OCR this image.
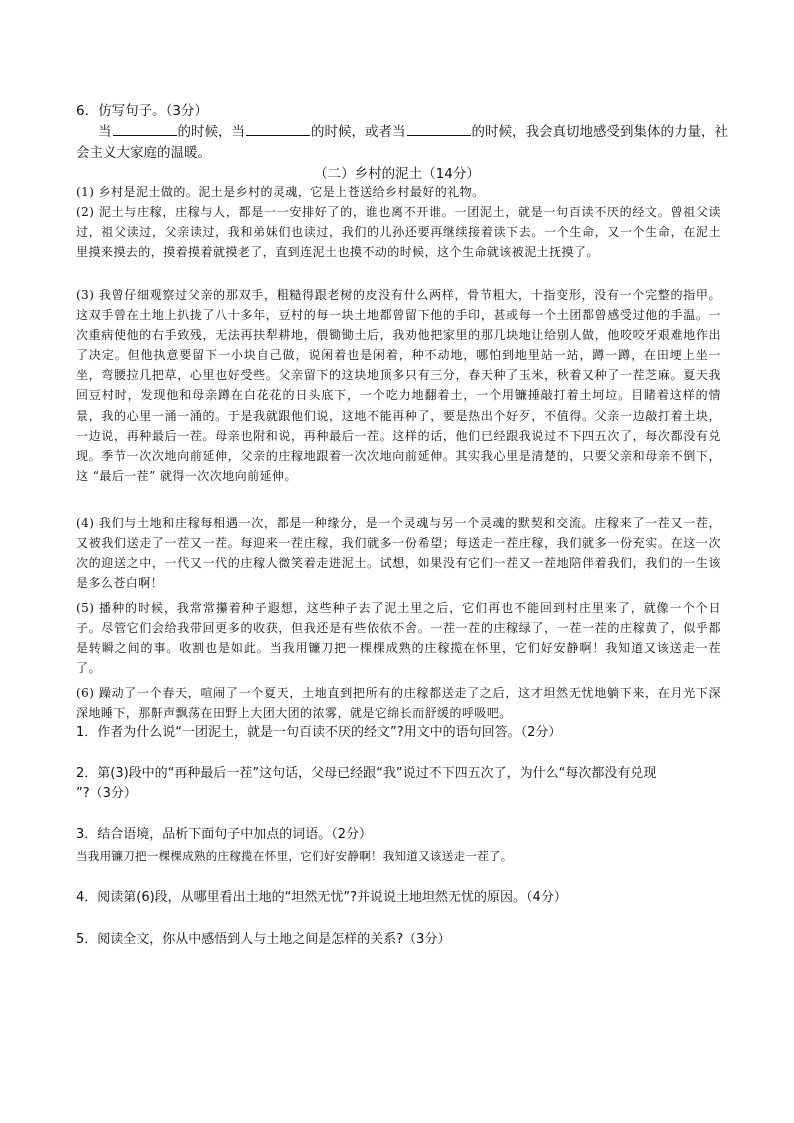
6．仿写句子。（3分）
当	的时候，当	的时候，或者当	的时候，我会真切地感受到集体的力量，社
会主义大家庭的温暖。
（二）乡村的泥土（14分）
(1) 乡村是泥土做的。泥土是乡村的灵魂，它是上苍送给乡村最好的礼物。
(2) 泥土与庄稼，庄稼与人，都是一一安排好了的，谁也离不开谁。一团泥土，就是一句百读不厌的经文。曾祖父读过，祖父读过，父亲读过，我和弟妹们也读过，我们的儿孙还要再继续接着读下去。一个生命，又一个生命，在泥土里摸来摸去的，摸着摸着就摸老了，直到连泥土也摸不动的时候，这个生命就该被泥土抚摸了。
(3) 我曾仔细观察过父亲的那双手，粗糙得跟老树的皮没有什么两样，骨节粗大，十指变形，没有一个完整的指甲。这双手曾在土地上扒拢了八十多年，豆村的每一块土地都曾留下他的手印，甚或每一个土团都曾感受过他的手温。一次重病使他的右手致残，无法再扶犁耕地，偎锄锄土后，我劝他把家里的那几块地让给别人做，他咬咬牙艰难地作出了决定。但他执意要留下一小块自己做，说闲着也是闲着，种不动地，哪怕到地里站一站，蹲一蹲，在田埂上坐一坐，弯腰拉几把草，心里也好受些。父亲留下的这块地顶多只有三分，春天种了玉米，秋着又种了一茬芝麻。夏天我回豆村时，发现他和母亲蹲在白花花的日头底下，一个吃力地翻着土，一个用镰捶敲打着土坷垃。目睹着这样的情景，我的心里一涌一涌的。于是我就跟他们说，这地不能再种了，要是热出个好歹，不值得。父亲一边敲打着土块，一边说，再种最后一茬。母亲也附和说，再种最后一茬。这样的话，他们已经跟我说过不下四五次了，每次都没有兑现。季节一次次地向前延伸，父亲的庄稼地跟着一次次地向前延伸。其实我心里是清楚的，只要父亲和母亲不倒下，这 “最后一茬” 就得一次次地向前延伸。
(4) 我们与土地和庄稼每相遇一次，都是一种缘分，是一个灵魂与另一个灵魂的默契和交流。庄稼来了一茬又一茬，又被我们送走了一茬又一茬。每迎来一茬庄稼，我们就多一份希望；每送走一茬庄稼，我们就多一份充实。在这一次次的迎送之中，一代又一代的庄稼人微笑着走进泥土。试想，如果没有它们一茬又一茬地陪伴着我们，我们的一生该是多么苍白啊！
(5) 播种的时候，我常常攥着种子遐想，这些种子去了泥土里之后，它们再也不能回到村庄里来了，就像一个个日子。尽管它们会给我带回更多的收获，但我还是有些依依不舍。一茬一茬的庄稼绿了，一茬一茬的庄稼黄了，似乎都是转瞬之间的事。收割也是如此。当我用镰刀把一棵棵成熟的庄稼揽在怀里，它们好安静啊！我知道又该送走一茬了。
(6) 躁动了一个春天，喧闹了一个夏天，土地直到把所有的庄稼都送走了之后，这才坦然无忧地躺下来，在月光下深深地睡下，那鼾声飘荡在田野上大团大团的浓雾，就是它绵长而舒缓的呼吸吧。
1．作者为什么说“一团泥土，就是一句百读不厌的经文”?用文中的语句回答。（2分）
2．第(3)段中的“再种最后一茬”这句话，父母已经跟“我”说过不下四五次了，为什么“每次都没有兑现
”?（3分）
3．结合语境，品析下面句子中加点的词语。（2分）
当我用镰刀把一棵棵成熟的庄稼揽在怀里，它们好安静啊！我知道又该送走一茬了。
4．阅读第(6)段，从哪里看出土地的“坦然无忧”?并说说土地坦然无忧的原因。（4分）
5．阅读全文，你从中感悟到人与土地之间是怎样的关系?（3分）
